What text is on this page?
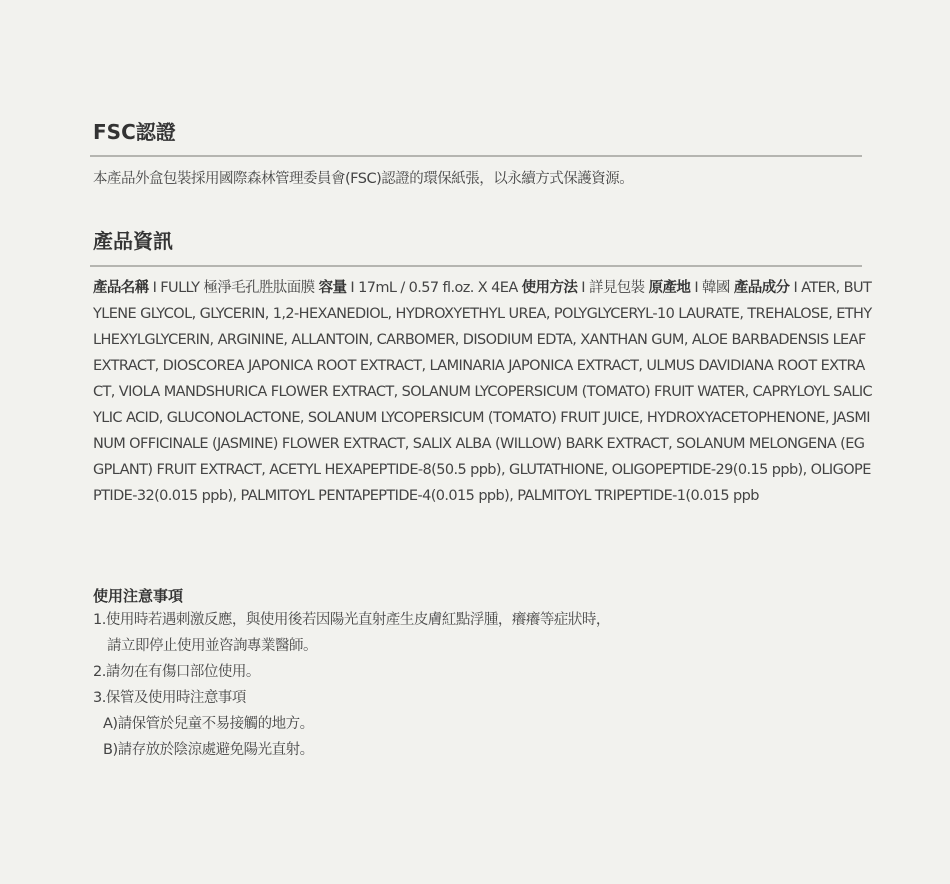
FSC認證

本產品外盒包裝採用國際森林管理委員會(FSC)認證的環保紙張，以永續方式保護資源。

產品資訊

產品名稱 I FULLY 極淨毛孔胜肽面膜 容量 I 17mL / 0.57 fl.oz. X 4EA 使用方法 I 詳見包裝 原產地 I 韓國 產品成分 I ATER, BUTYLENE GLYCOL, GLYCERIN, 1,2-HEXANEDIOL, HYDROXYETHYL UREA, POLYGLYCERYL-10 LAURATE, TREHALOSE, ETHYLHEXYLGLYCERIN, ARGININE, ALLANTOIN, CARBOMER, DISODIUM EDTA, XANTHAN GUM, ALOE BARBADENSIS LEAF EXTRACT, DIOSCOREA JAPONICA ROOT EXTRACT, LAMINARIA JAPONICA EXTRACT, ULMUS DAVIDIANA ROOT EXTRACT, VIOLA MANDSHURICA FLOWER EXTRACT, SOLANUM LYCOPERSICUM (TOMATO) FRUIT WATER, CAPRYLOYL SALICYLIC ACID, GLUCONOLACTONE, SOLANUM LYCOPERSICUM (TOMATO) FRUIT JUICE, HYDROXYACETOPHENONE, JASMINUM OFFICINALE (JASMINE) FLOWER EXTRACT, SALIX ALBA (WILLOW) BARK EXTRACT, SOLANUM MELONGENA (EGGPLANT) FRUIT EXTRACT, ACETYL HEXAPEPTIDE-8(50.5 ppb), GLUTATHIONE, OLIGOPEPTIDE-29(0.15 ppb), OLIGOPEPTIDE-32(0.015 ppb), PALMITOYL PENTAPEPTIDE-4(0.015 ppb), PALMITOYL TRIPEPTIDE-1(0.015 ppb

使用注意事項
1.使用時若遇刺激反應，與使用後若因陽光直射產生皮膚紅點浮腫，癢癢等症狀時，
請立即停止使用並咨詢專業醫師。
2.請勿在有傷口部位使用。
3.保管及使用時注意事項
A)請保管於兒童不易接觸的地方。
B)請存放於陰涼處避免陽光直射。
